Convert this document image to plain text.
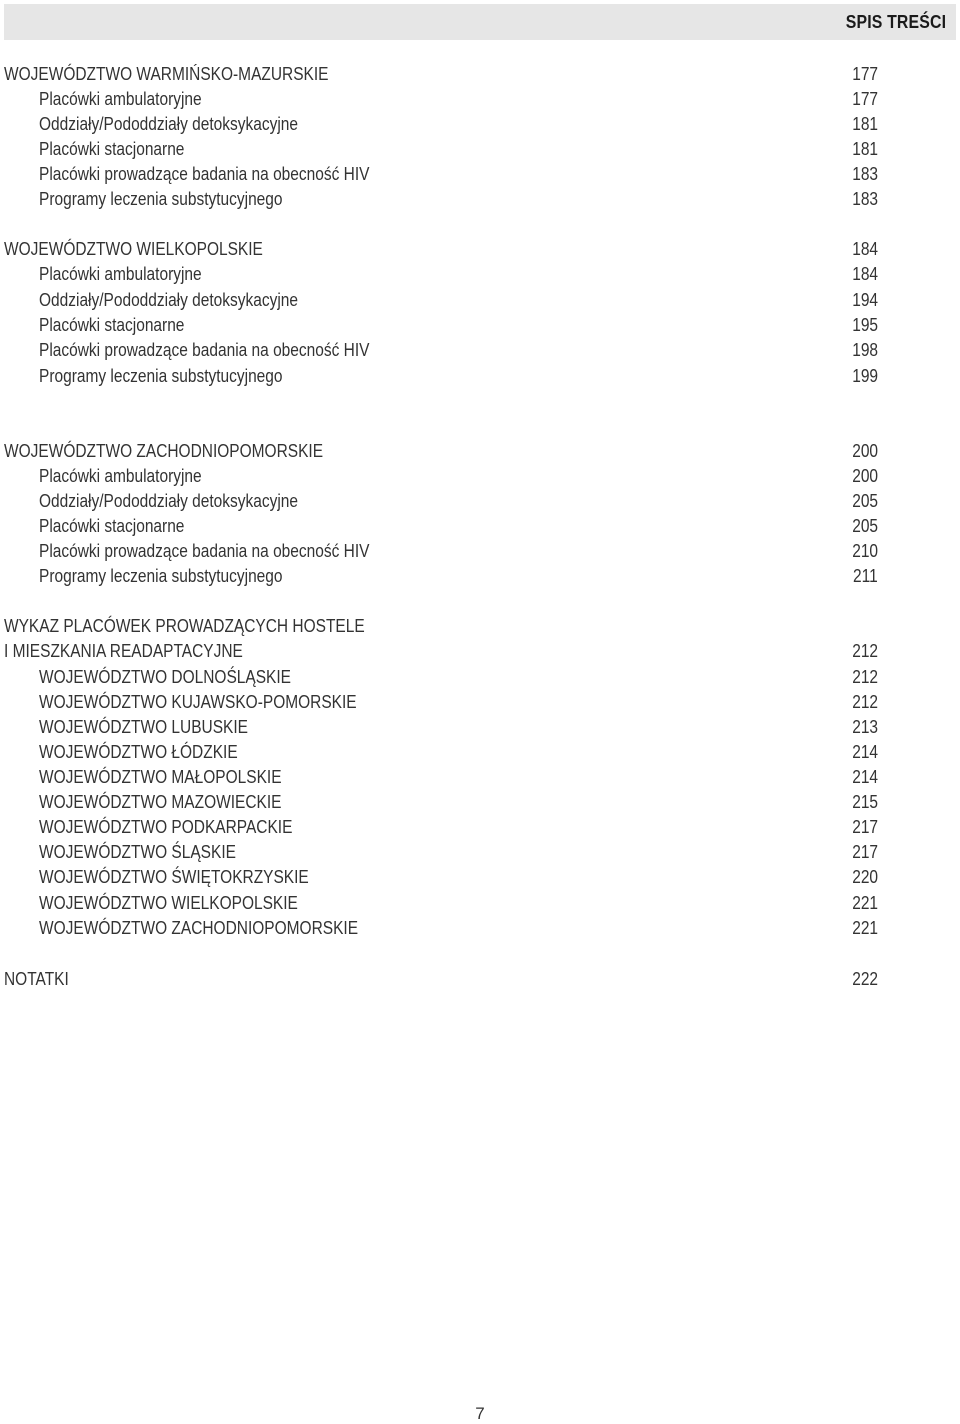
SPIS TREŚCI
WOJEWÓDZTWO WARMIŃSKO-MAZURSKIE	177
Placówki ambulatoryjne	177
Oddziały/Pododdziały detoksykacyjne	181
Placówki stacjonarne	181
Placówki prowadzące badania na obecność HIV	183
Programy leczenia substytucyjnego	183
WOJEWÓDZTWO WIELKOPOLSKIE	184
Placówki ambulatoryjne	184
Oddziały/Pododdziały detoksykacyjne	194
Placówki stacjonarne	195
Placówki prowadzące badania na obecność HIV	198
Programy leczenia substytucyjnego	199
WOJEWÓDZTWO ZACHODNIOPOMORSKIE	200
Placówki ambulatoryjne	200
Oddziały/Pododdziały detoksykacyjne	205
Placówki stacjonarne	205
Placówki prowadzące badania na obecność HIV	210
Programy leczenia substytucyjnego	211
WYKAZ PLACÓWEK PROWADZĄCYCH HOSTELE
I MIESZKANIA READAPTACYJNE	212
WOJEWÓDZTWO DOLNOŚLĄSKIE	212
WOJEWÓDZTWO KUJAWSKO-POMORSKIE	212
WOJEWÓDZTWO LUBUSKIE	213
WOJEWÓDZTWO ŁÓDZKIE	214
WOJEWÓDZTWO MAŁOPOLSKIE	214
WOJEWÓDZTWO MAZOWIECKIE	215
WOJEWÓDZTWO PODKARPACKIE	217
WOJEWÓDZTWO ŚLĄSKIE	217
WOJEWÓDZTWO ŚWIĘTOKRZYSKIE	220
WOJEWÓDZTWO WIELKOPOLSKIE	221
WOJEWÓDZTWO ZACHODNIOPOMORSKIE	221
NOTATKI	222
7
